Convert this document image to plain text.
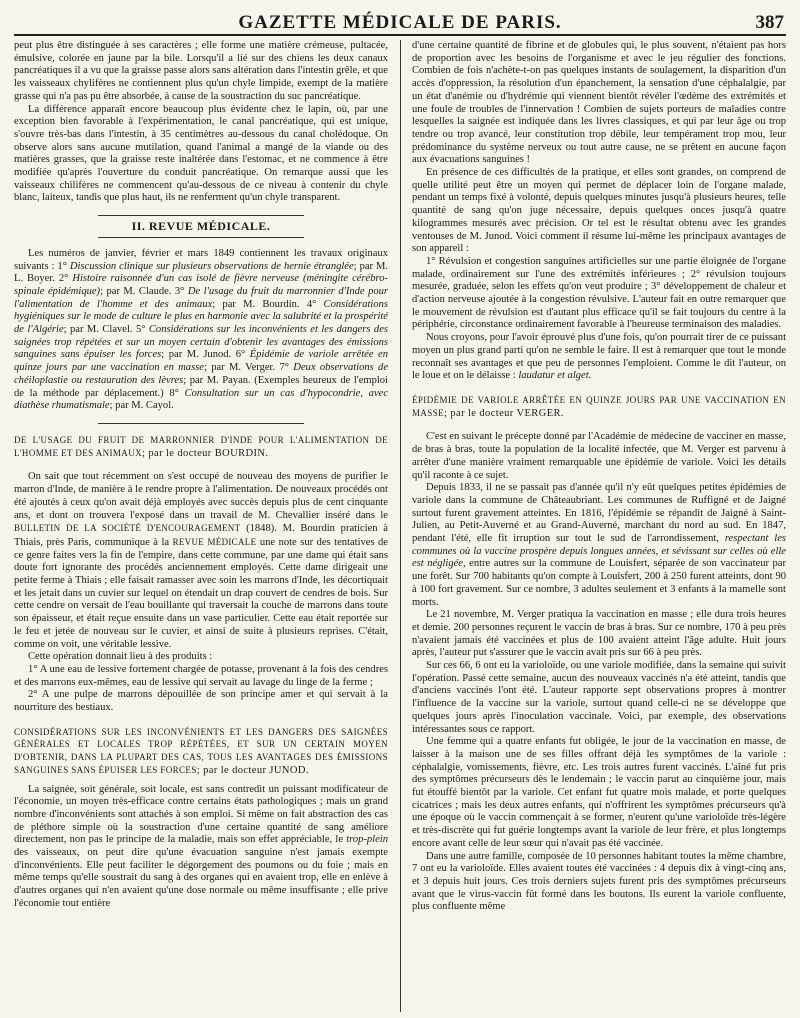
GAZETTE MÉDICALE DE PARIS.	387

peut plus être distinguée à ses caractères ; elle forme une matière crémeuse, pultacée, émulsive, colorée en jaune par la bile. Lorsqu'il a lié sur des chiens les deux canaux pancréatiques il a vu que la graisse passe alors sans altération dans l'intestin grêle, et que les vaisseaux chylifères ne contiennent plus qu'un chyle limpide, exempt de la matière grasse qui n'a pas pu être absorbée, à cause de la soustraction du suc pancréatique.

La différence apparaît encore beaucoup plus évidente chez le lapin, où, par une exception bien favorable à l'expérimentation, le canal pancréatique, qui est unique, s'ouvre très-bas dans l'intestin, à 35 centimètres au-dessous du canal cholédoque. On observe alors sans aucune mutilation, quand l'animal a mangé de la viande ou des matières grasses, que la graisse reste inaltérée dans l'estomac, et ne commence à être modifiée qu'après l'ouverture du conduit pancréatique. On remarque aussi que les vaisseaux chilifères ne commencent qu'au-dessous de ce niveau à contenir du chyle blanc, laiteux, tandis que plus haut, ils ne renferment qu'un chyle transparent.

II. REVUE MÉDICALE.

Les numéros de janvier, février et mars 1849 contiennent les travaux originaux suivants : 1° Discussion clinique sur plusieurs observations de hernie étranglée; par M. L. Boyer. 2° Histoire raisonnée d'un cas isolé de fièvre nerveuse (méningite cérébro-spinale épidémique); par M. Claude. 3° De l'usage du fruit du marronnier d'Inde pour l'alimentation de l'homme et des animaux; par M. Bourdin. 4° Considérations hygiéniques sur le mode de culture le plus en harmonie avec la salubrité et la prospérité de l'Algérie; par M. Clavel. 5° Considérations sur les inconvénients et les dangers des saignées trop répétées et sur un moyen certain d'obtenir les avantages des émissions sanguines sans épuiser les forces; par M. Junod. 6° Épidémie de variole arrêtée en quinze jours par une vaccination en masse; par M. Verger. 7° Deux observations de chéiloplastie ou restauration des lèvres; par M. Payan. (Exemples heureux de l'emploi de la méthode par déplacement.) 8° Consultation sur un cas d'hypocondrie, avec diathèse rhumatismale; par M. Cayol.

DE L'USAGE DU FRUIT DE MARRONNIER D'INDE POUR L'ALIMENTATION DE L'HOMME ET DES ANIMAUX; par le docteur BOURDIN.

On sait que tout récemment on s'est occupé de nouveau des moyens de purifier le marron d'Inde, de manière à le rendre propre à l'alimentation. De nouveaux procédés ont été ajoutés à ceux qu'on avait déjà employés avec succès depuis plus de cent cinquante ans, et dont on trouvera l'exposé dans un travail de M. Chevallier inséré dans le BULLETIN DE LA SOCIÉTÉ D'ENCOURAGEMENT (1848). M. Bourdin praticien à Thiais, près Paris, communique à la REVUE MÉDICALE une note sur des tentatives de ce genre faites vers la fin de l'empire, dans cette commune, par une dame qui était sans doute fort ignorante des procédés anciennement employés. Cette dame dirigeait une petite ferme à Thiais ; elle faisait ramasser avec soin les marrons d'Inde, les décortiquait et les jetait dans un cuvier sur lequel on étendait un drap couvert de cendres de bois. Sur cette cendre on versait de l'eau bouillante qui traversait la couche de marrons dans toute son épaisseur, et était reçue ensuite dans un vase particulier. Cette eau était reportée sur le feu et jetée de nouveau sur le cuvier, et ainsi de suite à plusieurs reprises. C'était, comme on voit, une véritable lessive.

Cette opération donnait lieu à des produits :

1° A une eau de lessive fortement chargée de potasse, provenant à la fois des cendres et des marrons eux-mêmes, eau de lessive qui servait au lavage du linge de la ferme ;

2° A une pulpe de marrons dépouillée de son principe amer et qui servait à la nourriture des bestiaux.

CONSIDÉRATIONS SUR LES INCONVÉNIENTS ET LES DANGERS DES SAIGNÉES GÉNÉRALES ET LOCALES TROP RÉPÉTÉES, ET SUR UN CERTAIN MOYEN D'OBTENIR, DANS LA PLUPART DES CAS, TOUS LES AVANTAGES DES ÉMISSIONS SANGUINES SANS ÉPUISER LES FORCES; par le docteur JUNOD.

La saignée, soit générale, soit locale, est sans contredit un puissant modificateur de l'économie, un moyen très-efficace contre certains états pathologiques ; mais un grand nombre d'inconvénients sont attachés à son emploi. Si même on fait abstraction des cas de pléthore simple où la soustraction d'une certaine quantité de sang améliore directement, non pas le principe de la maladie, mais son effet appréciable, le trop-plein des vaisseaux, on peut dire qu'une évacuation sanguine n'est jamais exempte d'inconvénients. Elle peut faciliter le dégorgement des poumons ou du foie ; mais en même temps qu'elle soustrait du sang à des organes qui en avaient trop, elle en enlève à d'autres organes qui n'en avaient qu'une dose normale ou même insuffisante ; elle prive l'économie tout entière

d'une certaine quantité de fibrine et de globules qui, le plus souvent, n'étaient pas hors de proportion avec les besoins de l'organisme et avec le jeu régulier des fonctions. Combien de fois n'achète-t-on pas quelques instants de soulagement, la disparition d'un accès d'oppression, la résolution d'un épanchement, la sensation d'une céphalalgie, par un état d'anémie ou d'hydrémie qui viennent bientôt révéler l'œdème des extrémités et une foule de troubles de l'innervation ! Combien de sujets porteurs de maladies contre lesquelles la saignée est indiquée dans les livres classiques, et qui par leur âge ou trop tendre ou trop avancé, leur constitution trop débile, leur tempérament trop mou, leur prédominance du système nerveux ou tout autre cause, ne se prêtent en aucune façon aux évacuations sanguines !

En présence de ces difficultés de la pratique, et elles sont grandes, on comprend de quelle utilité peut être un moyen qui permet de déplacer loin de l'organe malade, pendant un temps fixé à volonté, depuis quelques minutes jusqu'à plusieurs heures, telle quantité de sang qu'on juge nécessaire, depuis quelques onces jusqu'à quatre kilogrammes mesurés avec précision. Or tel est le résultat obtenu avec les grandes ventouses de M. Junod. Voici comment il résume lui-même les principaux avantages de son appareil :

1° Révulsion et congestion sanguines artificielles sur une partie éloignée de l'organe malade, ordinairement sur l'une des extrémités inférieures ; 2° révulsion toujours mesurée, graduée, selon les effets qu'on veut produire ; 3° développement de chaleur et d'action nerveuse ajoutée à la congestion révulsive. L'auteur fait en outre remarquer que le mouvement de révulsion est d'autant plus efficace qu'il se fait toujours du centre à la périphérie, circonstance ordinairement favorable à l'heureuse terminaison des maladies.

Nous croyons, pour l'avoir éprouvé plus d'une fois, qu'on pourrait tirer de ce puissant moyen un plus grand parti qu'on ne semble le faire. Il est à remarquer que tout le monde reconnaît ses avantages et que peu de personnes l'emploient. Comme le dit l'auteur, on le loue et on le délaisse : laudatur et alget.

ÉPIDÉMIE DE VARIOLE ARRÊTÉE EN QUINZE JOURS PAR UNE VACCINATION EN MASSE; par le docteur VERGER.

C'est en suivant le précepte donné par l'Académie de médecine de vacciner en masse, de bras à bras, toute la population de la localité infectée, que M. Verger est parvenu à arrêter d'une manière vraiment remarquable une épidémie de variole. Voici les détails qu'il raconte à ce sujet.

Depuis 1833, il ne se passait pas d'année qu'il n'y eût quelques petites épidémies de variole dans la commune de Châteaubriant. Les communes de Ruffigné et de Jaigné surtout furent gravement atteintes. En 1816, l'épidémie se répandit de Jaigné à Saint-Julien, au Petit-Auverné et au Grand-Auverné, marchant du nord au sud. En 1847, pendant l'été, elle fit irruption sur tout le sud de l'arrondissement, respectant les communes où la vaccine prospère depuis longues années, et sévissant sur celles où elle est négligée, entre autres sur la commune de Louisfert, séparée de son vaccinateur par une forêt. Sur 700 habitants qu'on compte à Louisfert, 200 à 250 furent atteints, dont 90 à 100 fort gravement. Sur ce nombre, 3 adultes seulement et 3 enfants à la mamelle sont morts.

Le 21 novembre, M. Verger pratiqua la vaccination en masse ; elle dura trois heures et demie. 200 personnes reçurent le vaccin de bras à bras. Sur ce nombre, 170 à peu près n'avaient jamais été vaccinées et plus de 100 avaient atteint l'âge adulte. Huit jours après, l'auteur put s'assurer que le vaccin avait pris sur 66 à peu près.

Sur ces 66, 6 ont eu la varioloïde, ou une variole modifiée, dans la semaine qui suivit l'opération. Passé cette semaine, aucun des nouveaux vaccinés n'a été atteint, tandis que d'anciens vaccinés l'ont été. L'auteur rapporte sept observations propres à montrer l'influence de la vaccine sur la variole, surtout quand celle-ci ne se développe que quelques jours après l'inoculation vaccinale. Voici, par exemple, des observations intéressantes sous ce rapport.

Une femme qui a quatre enfants fut obligée, le jour de la vaccination en masse, de laisser à la maison une de ses filles offrant déjà les symptômes de la variole : céphalalgie, vomissements, fièvre, etc. Les trois autres furent vaccinés. L'aîné fut pris des symptômes précurseurs dès le lendemain ; le vaccin parut au cinquième jour, mais fut étouffé bientôt par la variole. Cet enfant fut quatre mois malade, et porte quelques cicatrices ; mais les deux autres enfants, qui n'offrirent les symptômes précurseurs qu'à une époque où le vaccin commençait à se former, n'eurent qu'une varioloïde très-légère et très-discrète qui fut guérie longtemps avant la variole de leur frère, et plus longtemps encore avant celle de leur sœur qui n'avait pas été vaccinée.

Dans une autre famille, composée de 10 personnes habitant toutes la même chambre, 7 ont eu la varioloïde. Elles avaient toutes été vaccinées : 4 depuis dix à vingt-cinq ans, et 3 depuis huit jours. Ces trois derniers sujets furent pris des symptômes précurseurs avant que le virus-vaccin fût formé dans les boutons. Ils eurent la variole confluente, plus confluente même
